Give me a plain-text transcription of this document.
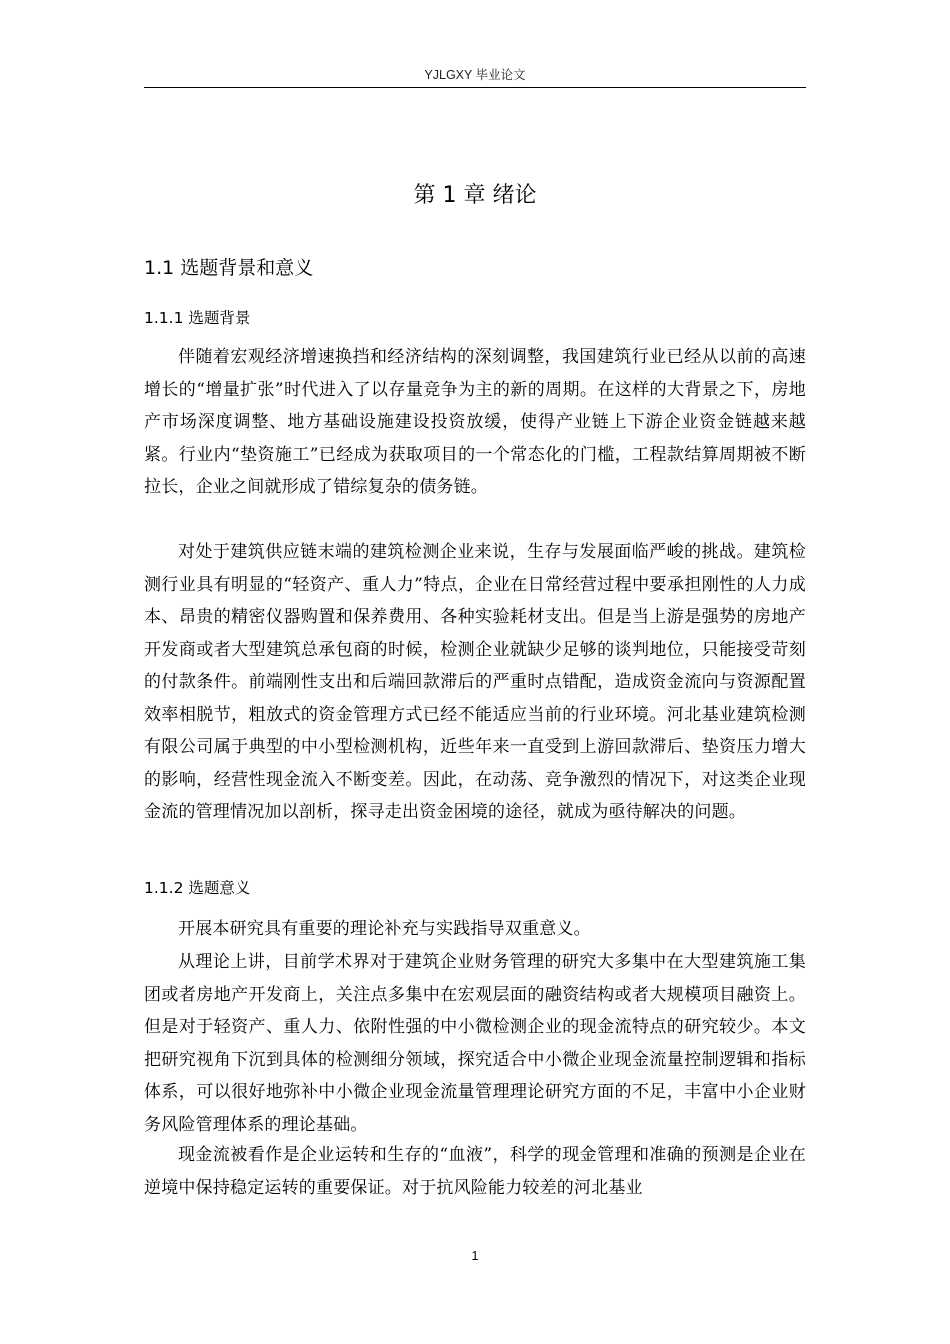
YJLGXY 毕业论文
第 1 章 绪论
1.1 选题背景和意义
1.1.1 选题背景

伴随着宏观经济增速换挡和经济结构的深刻调整，我国建筑行业已经从以前的高速增长的“增量扩张”时代进入了以存量竞争为主的新的周期。在这样的大背景之下，房地产市场深度调整、地方基础设施建设投资放缓，使得产业链上下游企业资金链越来越紧。行业内“垫资施工”已经成为获取项目的一个常态化的门槛，工程款结算周期被不断拉长，企业之间就形成了错综复杂的债务链。

对处于建筑供应链末端的建筑检测企业来说，生存与发展面临严峻的挑战。建筑检测行业具有明显的“轻资产、重人力”特点，企业在日常经营过程中要承担刚性的人力成本、昂贵的精密仪器购置和保养费用、各种实验耗材支出。但是当上游是强势的房地产开发商或者大型建筑总承包商的时候，检测企业就缺少足够的谈判地位，只能接受苛刻的付款条件。前端刚性支出和后端回款滞后的严重时点错配，造成资金流向与资源配置效率相脱节，粗放式的资金管理方式已经不能适应当前的行业环境。河北基业建筑检测有限公司属于典型的中小型检测机构，近些年来一直受到上游回款滞后、垫资压力增大的影响，经营性现金流入不断变差。因此，在动荡、竞争激烈的情况下，对这类企业现金流的管理情况加以剖析，探寻走出资金困境的途径，就成为亟待解决的问题。

1.1.2 选题意义

开展本研究具有重要的理论补充与实践指导双重意义。

从理论上讲，目前学术界对于建筑企业财务管理的研究大多集中在大型建筑施工集团或者房地产开发商上，关注点多集中在宏观层面的融资结构或者大规模项目融资上。但是对于轻资产、重人力、依附性强的中小微检测企业的现金流特点的研究较少。本文把研究视角下沉到具体的检测细分领域，探究适合中小微企业现金流量控制逻辑和指标体系，可以很好地弥补中小微企业现金流量管理理论研究方面的不足，丰富中小企业财务风险管理体系的理论基础。

现金流被看作是企业运转和生存的“血液”，科学的现金管理和准确的预测是企业在逆境中保持稳定运转的重要保证。对于抗风险能力较差的河北基业

1
